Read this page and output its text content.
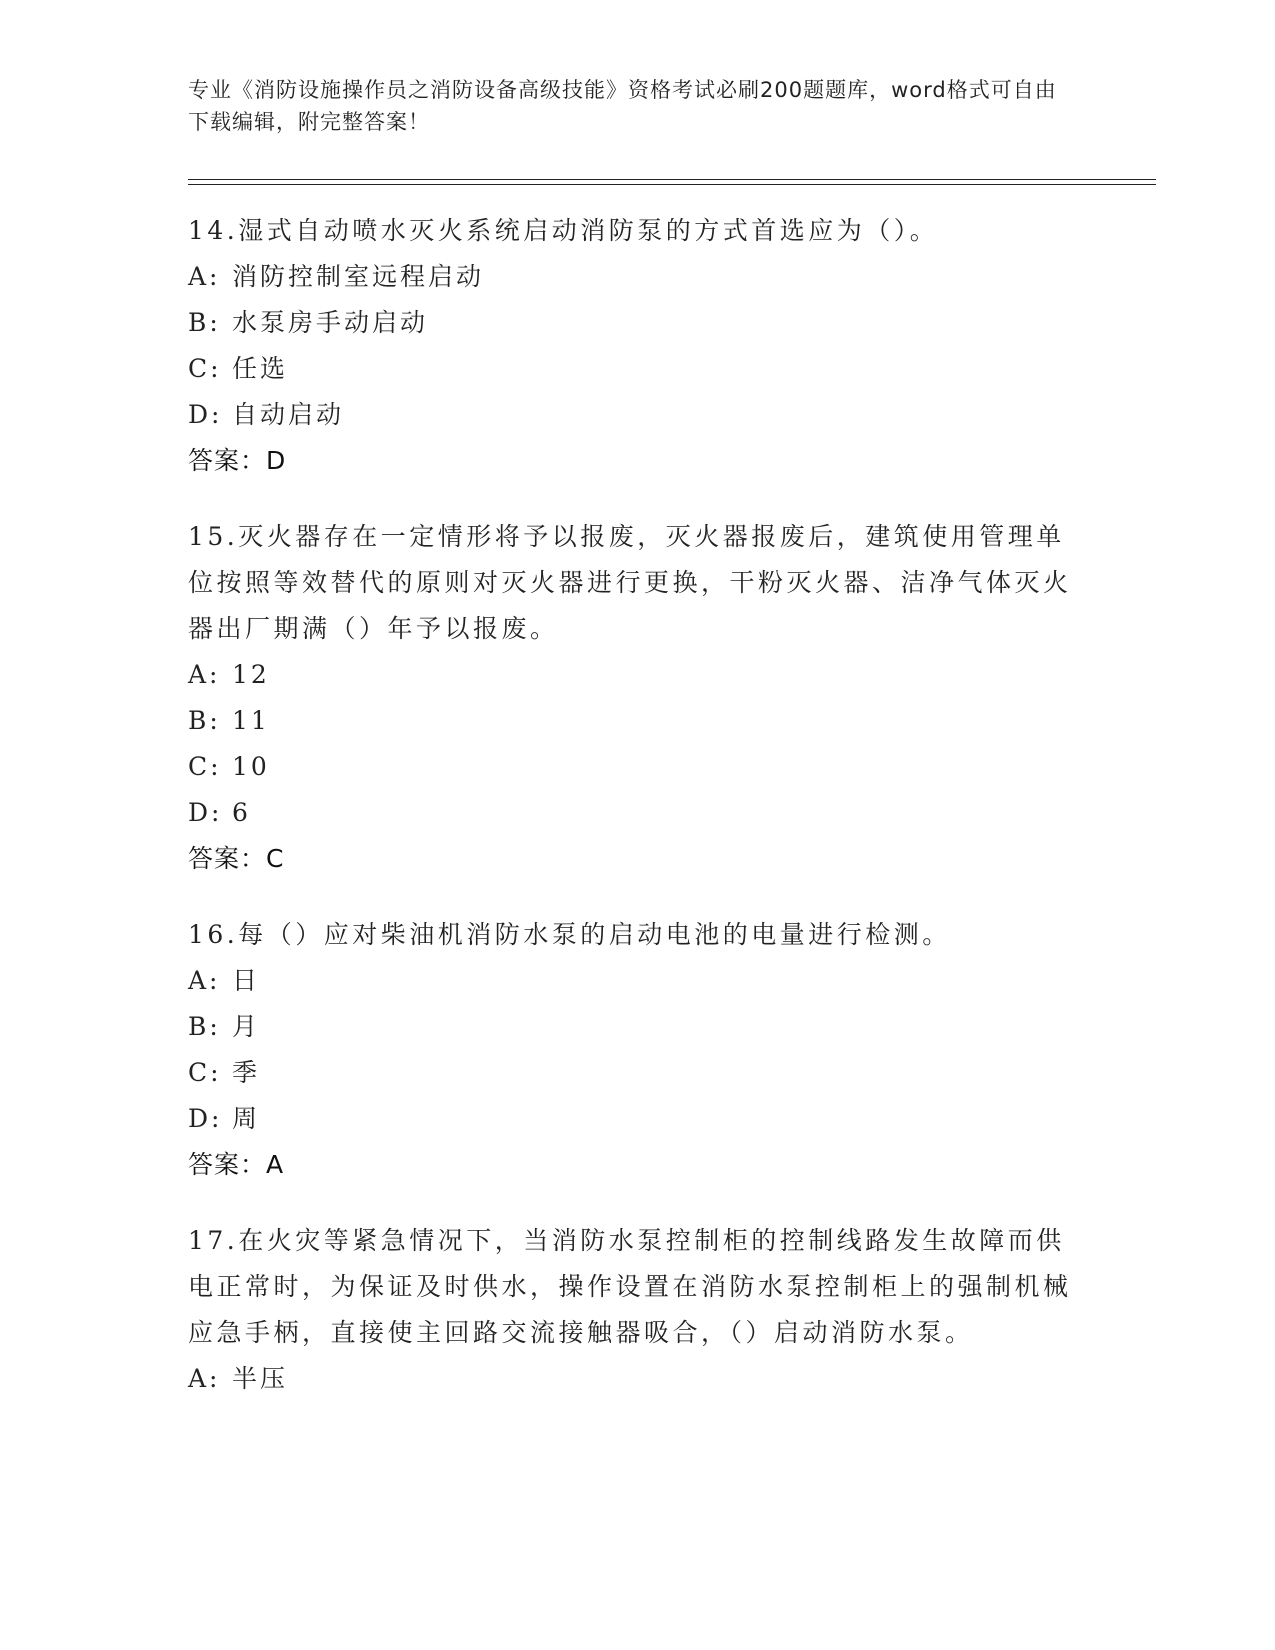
专业《消防设施操作员之消防设备高级技能》资格考试必刷200题题库，word格式可自由下载编辑，附完整答案！

14.湿式自动喷水灭火系统启动消防泵的方式首选应为（）。

A: 消防控制室远程启动
B: 水泵房手动启动
C: 任选
D: 自动启动
答案：D

15.灭火器存在一定情形将予以报废，灭火器报废后，建筑使用管理单位按照等效替代的原则对灭火器进行更换，干粉灭火器、洁净气体灭火器出厂期满（）年予以报废。

A: 12
B: 11
C: 10
D: 6
答案：C

16.每（）应对柴油机消防水泵的启动电池的电量进行检测。

A: 日
B: 月
C: 季
D: 周
答案：A

17.在火灾等紧急情况下，当消防水泵控制柜的控制线路发生故障而供电正常时，为保证及时供水，操作设置在消防水泵控制柜上的强制机械应急手柄，直接使主回路交流接触器吸合，（）启动消防水泵。

A: 半压
